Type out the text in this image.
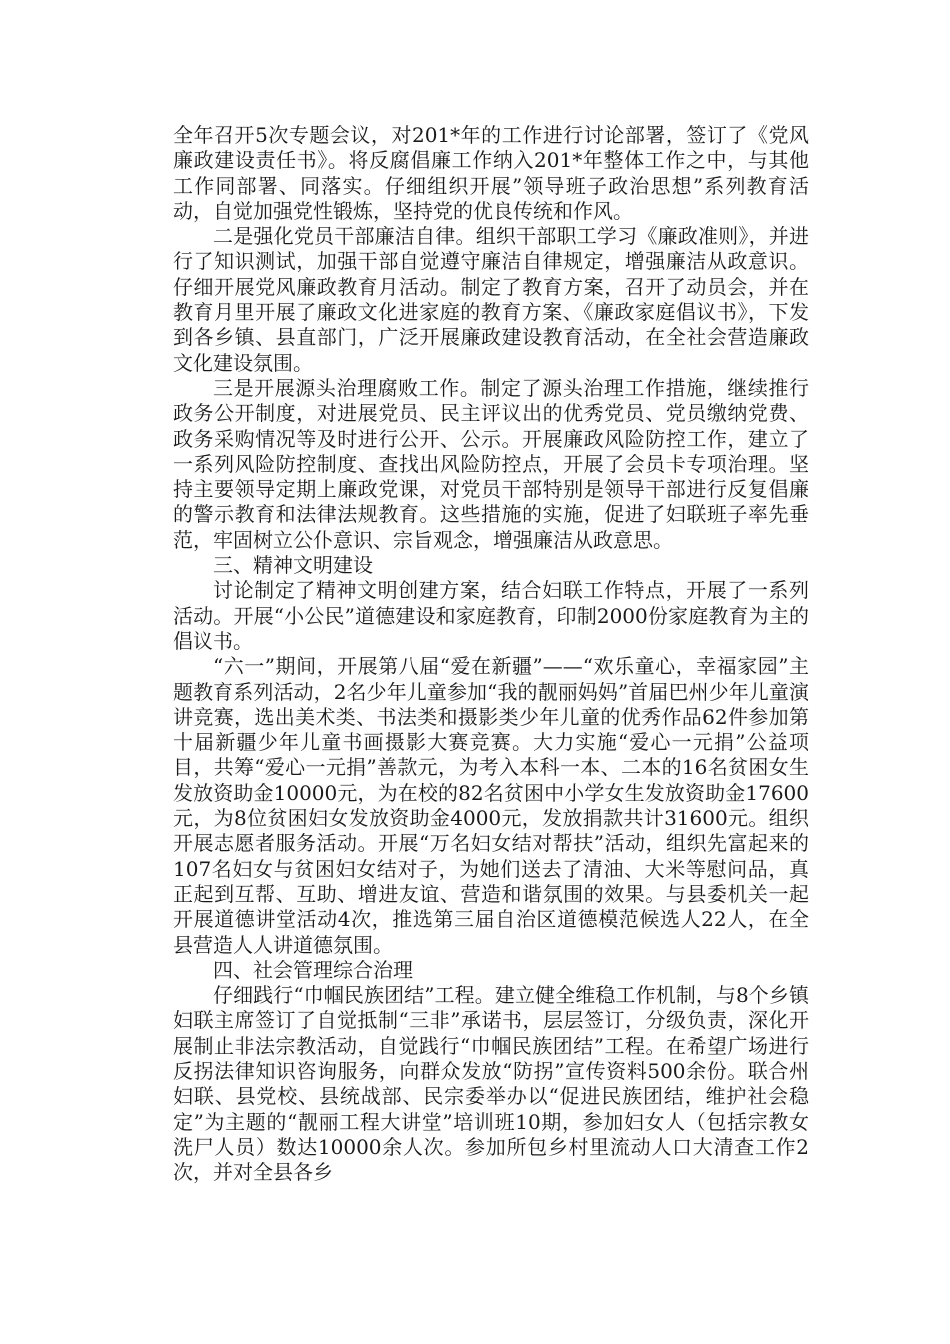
全年召开5次专题会议，对201*年的工作进行讨论部署，签订了《党风廉政建设责任书》。将反腐倡廉工作纳入201*年整体工作之中，与其他工作同部署、同落实。仔细组织开展”领导班子政治思想”系列教育活动，自觉加强党性锻炼，坚持党的优良传统和作风。

二是强化党员干部廉洁自律。组织干部职工学习《廉政准则》，并进行了知识测试，加强干部自觉遵守廉洁自律规定，增强廉洁从政意识。仔细开展党风廉政教育月活动。制定了教育方案，召开了动员会，并在教育月里开展了廉政文化进家庭的教育方案、《廉政家庭倡议书》，下发到各乡镇、县直部门，广泛开展廉政建设教育活动，在全社会营造廉政文化建设氛围。

三是开展源头治理腐败工作。制定了源头治理工作措施，继续推行政务公开制度，对进展党员、民主评议出的优秀党员、党员缴纳党费、政务采购情况等及时进行公开、公示。开展廉政风险防控工作，建立了一系列风险防控制度、查找出风险防控点，开展了会员卡专项治理。坚持主要领导定期上廉政党课，对党员干部特别是领导干部进行反复倡廉的警示教育和法律法规教育。这些措施的实施，促进了妇联班子率先垂范，牢固树立公仆意识、宗旨观念，增强廉洁从政意思。

三、精神文明建设

讨论制定了精神文明创建方案，结合妇联工作特点，开展了一系列活动。开展“小公民”道德建设和家庭教育，印制2000份家庭教育为主的倡议书。

“六一”期间，开展第八届“爱在新疆”——“欢乐童心，幸福家园”主题教育系列活动，2名少年儿童参加“我的靓丽妈妈”首届巴州少年儿童演讲竞赛，选出美术类、书法类和摄影类少年儿童的优秀作品62件参加第十届新疆少年儿童书画摄影大赛竞赛。大力实施“爱心一元捐”公益项目，共筹“爱心一元捐”善款元，为考入本科一本、二本的16名贫困女生发放资助金10000元，为在校的82名贫困中小学女生发放资助金17600元，为8位贫困妇女发放资助金4000元，发放捐款共计31600元。组织开展志愿者服务活动。开展“万名妇女结对帮扶”活动，组织先富起来的107名妇女与贫困妇女结对子，为她们送去了清油、大米等慰问品，真正起到互帮、互助、增进友谊、营造和谐氛围的效果。与县委机关一起开展道德讲堂活动4次，推选第三届自治区道德模范候选人22人，在全县营造人人讲道德氛围。

四、社会管理综合治理

仔细践行“巾帼民族团结”工程。建立健全维稳工作机制，与8个乡镇妇联主席签订了自觉抵制“三非”承诺书，层层签订，分级负责，深化开展制止非法宗教活动，自觉践行“巾帼民族团结”工程。在希望广场进行反拐法律知识咨询服务，向群众发放“防拐”宣传资料500余份。联合州妇联、县党校、县统战部、民宗委举办以“促进民族团结，维护社会稳定”为主题的“靓丽工程大讲堂”培训班10期，参加妇女人（包括宗教女洗尸人员）数达10000余人次。参加所包乡村里流动人口大清查工作2次，并对全县各乡
